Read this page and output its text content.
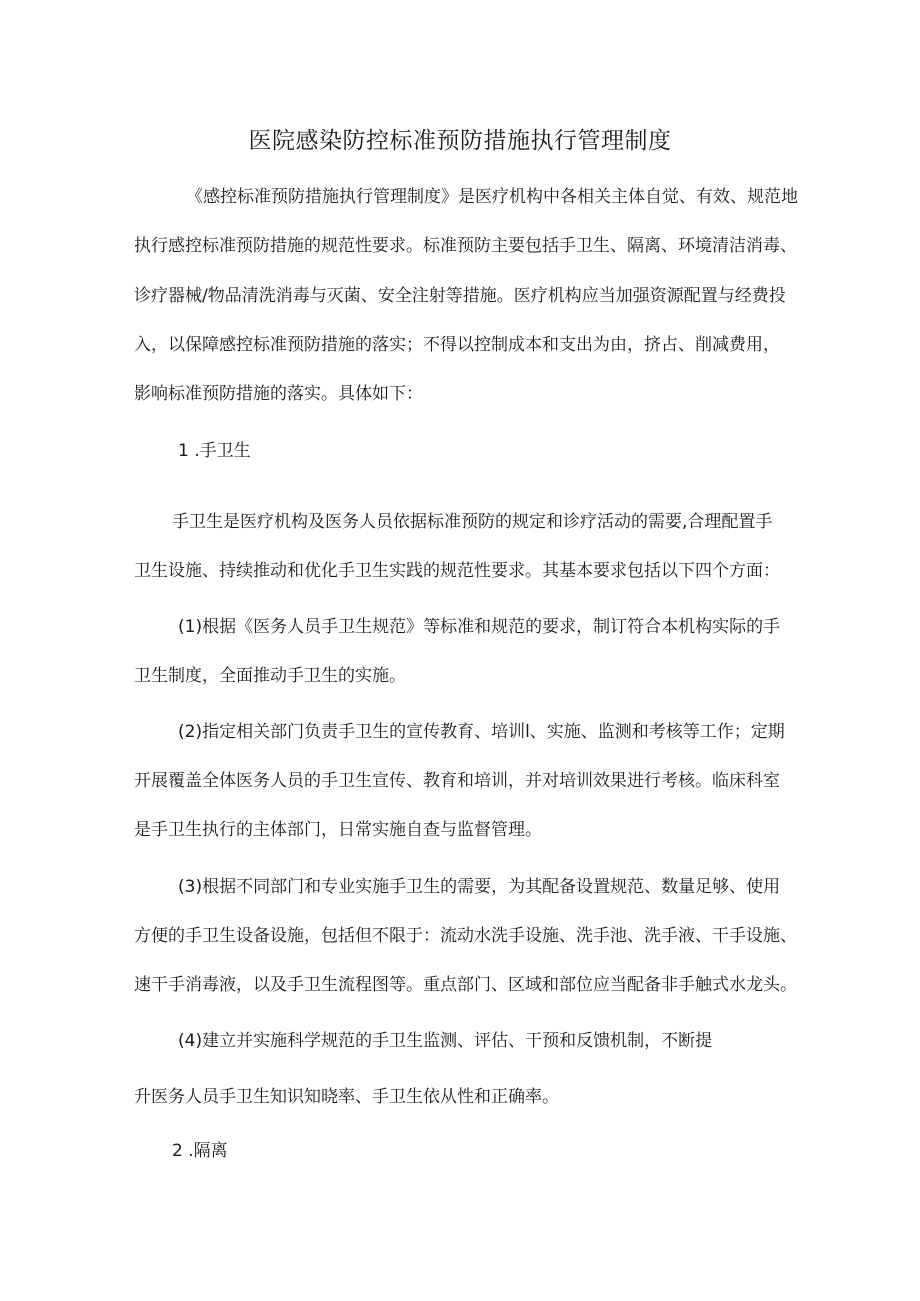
医院感染防控标准预防措施执行管理制度

《感控标准预防措施执行管理制度》是医疗机构中各相关主体自觉、有效、规范地

执行感控标准预防措施的规范性要求。标准预防主要包括手卫生、隔离、环境清洁消毒、

诊疗器械/物品清洗消毒与灭菌、安全注射等措施。医疗机构应当加强资源配置与经费投

入，以保障感控标准预防措施的落实；不得以控制成本和支出为由，挤占、削减费用，

影响标准预防措施的落实。具体如下：

1 .手卫生

手卫生是医疗机构及医务人员依据标准预防的规定和诊疗活动的需要,合理配置手

卫生设施、持续推动和优化手卫生实践的规范性要求。其基本要求包括以下四个方面：

(1)根据《医务人员手卫生规范》等标准和规范的要求，制订符合本机构实际的手

卫生制度，全面推动手卫生的实施。

(2)指定相关部门负责手卫生的宣传教育、培训l、实施、监测和考核等工作；定期

开展覆盖全体医务人员的手卫生宣传、教育和培训，并对培训效果进行考核。临床科室

是手卫生执行的主体部门，日常实施自查与监督管理。

(3)根据不同部门和专业实施手卫生的需要，为其配备设置规范、数量足够、使用

方便的手卫生设备设施，包括但不限于：流动水洗手设施、洗手池、洗手液、干手设施、

速干手消毒液，以及手卫生流程图等。重点部门、区域和部位应当配备非手触式水龙头。

(4)建立并实施科学规范的手卫生监测、评估、干预和反馈机制，不断提

升医务人员手卫生知识知晓率、手卫生依从性和正确率。

2 .隔离
